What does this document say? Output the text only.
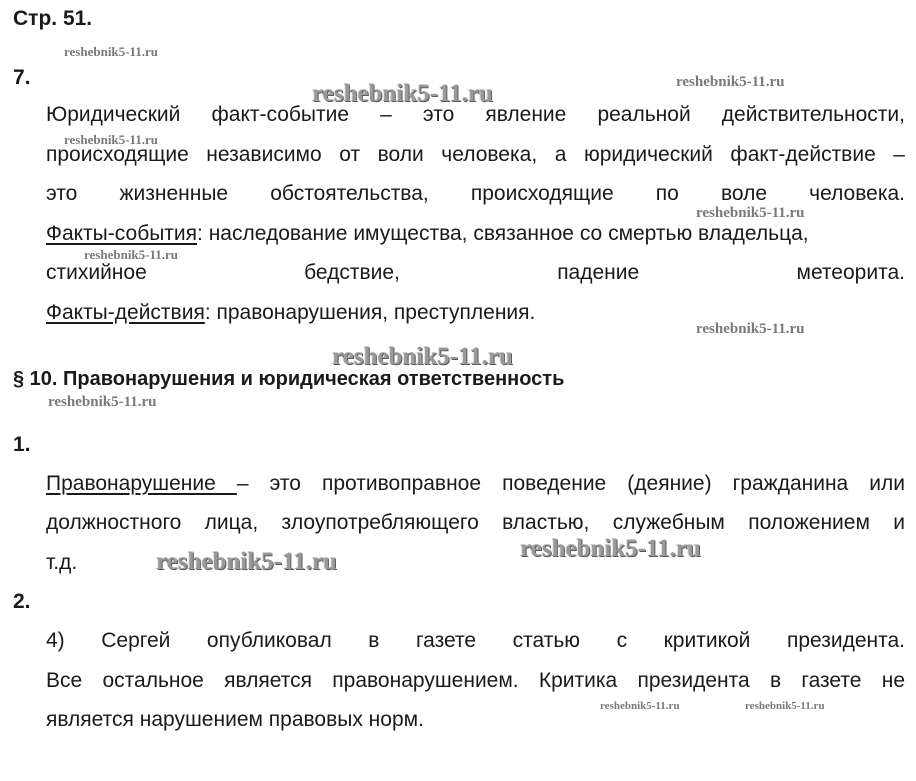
Стр. 51.
7.
Юридический факт-событие – это явление реальной действительности,
происходящие независимо от воли человека, а юридический факт-действие –
это жизненные обстоятельства, происходящие по воле человека.
Факты-события: наследование имущества, связанное со смертью владельца,
стихийное	бедствие,	падение	метеорита.
Факты-действия: правонарушения, преступления.
§ 10. Правонарушения и юридическая ответственность
1.
Правонарушение – это противоправное поведение (деяние) гражданина или
должностного лица, злоупотребляющего властью, служебным положением и
т.д.
2.
4) Сергей опубликовал в газете статью с критикой президента.
Все остальное является правонарушением. Критика президента в газете не
является нарушением правовых норм.
reshebnik5-11.ru
reshebnik5-11.ru	reshebnik5-11.ru
reshebnik5-11.ru
reshebnik5-11.ru
reshebnik5-11.ru
reshebnik5-11.ru
reshebnik5-11.ru
reshebnik5-11.ru
reshebnik5-11.ru
reshebnik5-11.ru
reshebnik5-11.ru	reshebnik5-11.ru
